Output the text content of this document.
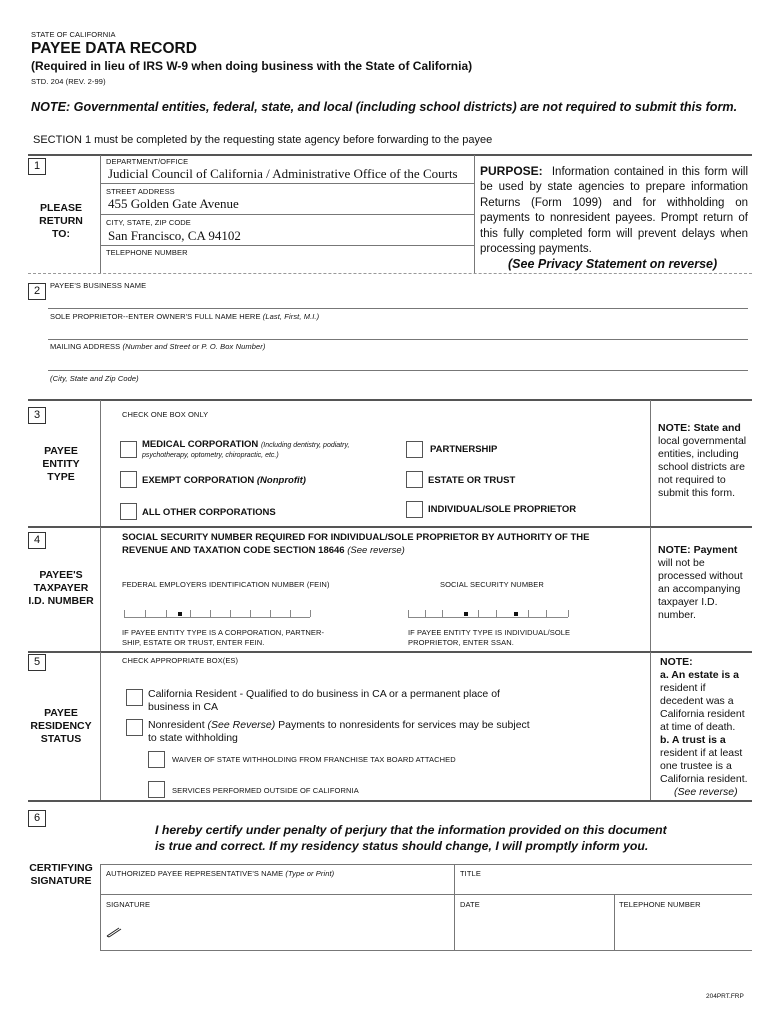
STATE OF CALIFORNIA
PAYEE DATA RECORD
(Required in lieu of IRS W-9 when doing business with the State of California)
STD. 204 (REV. 2-99)
NOTE: Governmental entities, federal, state, and local (including school districts) are not required to submit this form.
SECTION 1 must be completed by the requesting state agency before forwarding to the payee
1
PLEASE
RETURN
TO:
DEPARTMENT/OFFICE
Judicial Council of California / Administrative Office of the Courts
STREET ADDRESS
455 Golden Gate Avenue
CITY, STATE, ZIP CODE
San Francisco, CA 94102
TELEPHONE NUMBER
PURPOSE: Information contained in this form will be used by state agencies to prepare information Returns (Form 1099) and for withholding on payments to nonresident payees. Prompt return of this fully completed form will prevent delays when processing payments.
(See Privacy Statement on reverse)
2	PAYEE'S BUSINESS NAME
SOLE PROPRIETOR--ENTER OWNER'S FULL NAME HERE (Last, First, M.I.)
MAILING ADDRESS (Number and Street or P. O. Box Number)
(City, State and Zip Code)
3
PAYEE
ENTITY
TYPE
CHECK ONE BOX ONLY
MEDICAL CORPORATION (Including dentistry, podiatry,
psychotherapy, optometry, chiropractic, etc.)
EXEMPT CORPORATION (Nonprofit)
ALL OTHER CORPORATIONS
PARTNERSHIP
ESTATE OR TRUST
INDIVIDUAL/SOLE PROPRIETOR
NOTE: State and
local governmental
entities, including
school districts are
not required to
submit this form.
4
PAYEE'S
TAXPAYER
I.D. NUMBER
SOCIAL SECURITY NUMBER REQUIRED FOR INDIVIDUAL/SOLE PROPRIETOR BY AUTHORITY OF THE
REVENUE AND TAXATION CODE SECTION 18646 (See reverse)
FEDERAL EMPLOYERS IDENTIFICATION NUMBER (FEIN)	SOCIAL SECURITY NUMBER
IF PAYEE ENTITY TYPE IS A CORPORATION, PARTNER-
SHIP, ESTATE OR TRUST, ENTER FEIN.
IF PAYEE ENTITY TYPE IS INDIVIDUAL/SOLE
PROPRIETOR, ENTER SSAN.
NOTE: Payment
will not be
processed without
an accompanying
taxpayer I.D.
number.
5
PAYEE
RESIDENCY
STATUS
CHECK APPROPRIATE BOX(ES)
California Resident - Qualified to do business in CA or a permanent place of
business in CA
Nonresident (See Reverse) Payments to nonresidents for services may be subject
to state withholding
WAIVER OF STATE WITHHOLDING FROM FRANCHISE TAX BOARD ATTACHED
SERVICES PERFORMED OUTSIDE OF CALIFORNIA
NOTE:
a. An estate is a
resident if
decedent was a
California resident
at time of death.
b. A trust is a
resident if at least
one trustee is a
California resident.
(See reverse)
6
I hereby certify under penalty of perjury that the information provided on this document
is true and correct. If my residency status should change, I will promptly inform you.
CERTIFYING
SIGNATURE
AUTHORIZED PAYEE REPRESENTATIVE'S NAME (Type or Print)	TITLE
SIGNATURE	DATE	TELEPHONE NUMBER
204PRT.FRP
